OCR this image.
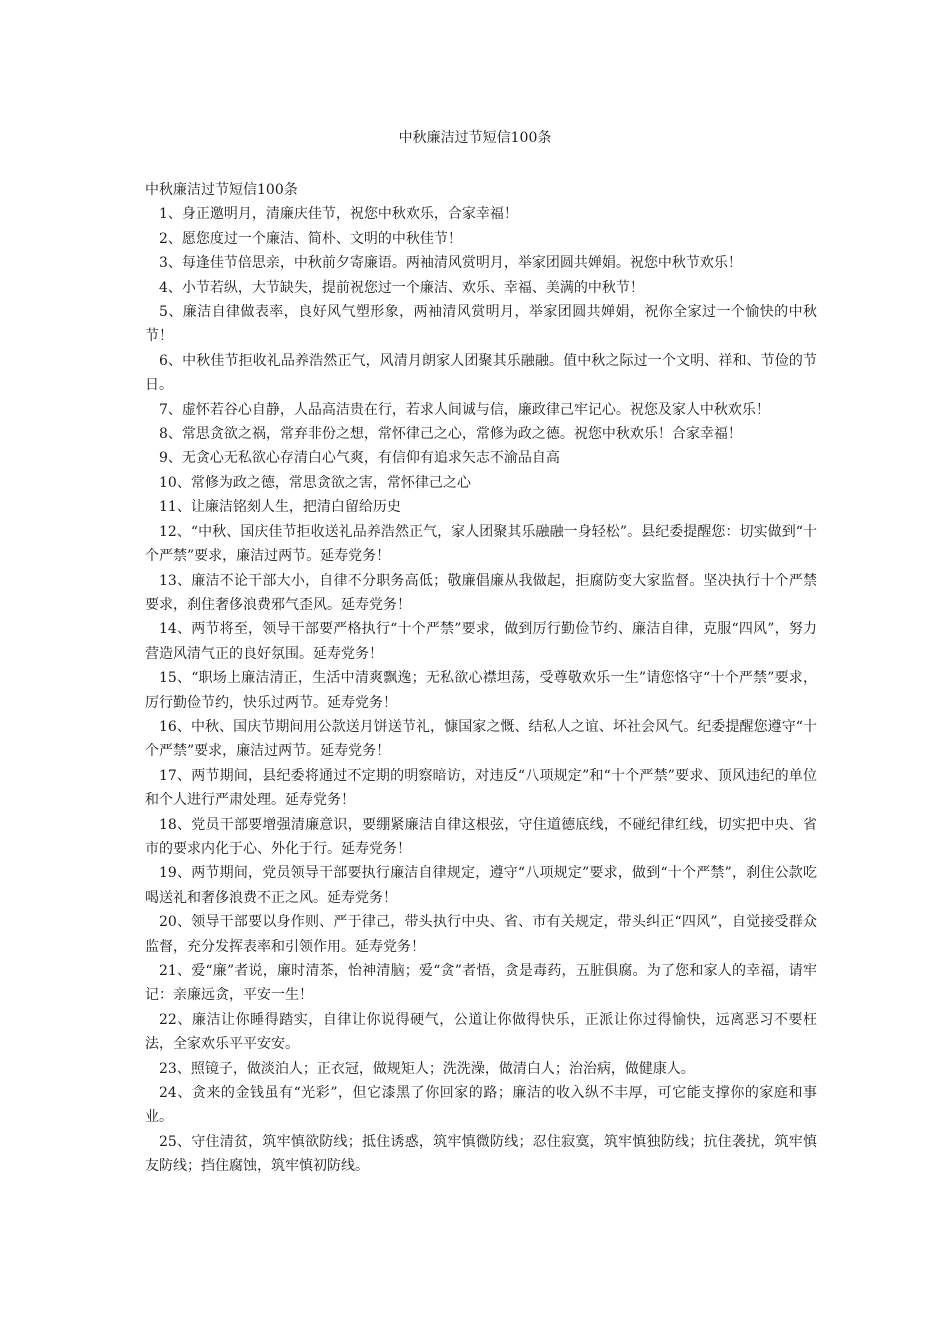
中秋廉洁过节短信100条

中秋廉洁过节短信100条

1、身正邀明月，清廉庆佳节，祝您中秋欢乐，合家幸福！
2、愿您度过一个廉洁、简朴、文明的中秋佳节！
3、每逢佳节倍思亲，中秋前夕寄廉语。两袖清风赏明月，举家团圆共婵娟。祝您中秋节欢乐！
4、小节若纵，大节缺失，提前祝您过一个廉洁、欢乐、幸福、美满的中秋节！
5、廉洁自律做表率，良好风气塑形象，两袖清风赏明月，举家团圆共婵娟，祝你全家过一个愉快的中秋节！
6、中秋佳节拒收礼品养浩然正气，风清月朗家人团聚其乐融融。值中秋之际过一个文明、祥和、节俭的节日。
7、虚怀若谷心自静，人品高洁贵在行，若求人间诚与信，廉政律己牢记心。祝您及家人中秋欢乐！
8、常思贪欲之祸，常弃非份之想，常怀律己之心，常修为政之德。祝您中秋欢乐！合家幸福！
9、无贪心无私欲心存清白心气爽，有信仰有追求矢志不渝品自高
10、常修为政之德，常思贪欲之害，常怀律己之心
11、让廉洁铭刻人生，把清白留给历史
12、“中秋、国庆佳节拒收送礼品养浩然正气，家人团聚其乐融融一身轻松”。县纪委提醒您：切实做到“十个严禁”要求，廉洁过两节。延寿党务！
13、廉洁不论干部大小，自律不分职务高低；敬廉倡廉从我做起，拒腐防变大家监督。坚决执行十个严禁要求，刹住奢侈浪费邪气歪风。延寿党务！
14、两节将至，领导干部要严格执行“十个严禁”要求，做到厉行勤俭节约、廉洁自律，克服“四风”，努力营造风清气正的良好氛围。延寿党务！
15、“职场上廉洁清正，生活中清爽飘逸；无私欲心襟坦荡，受尊敬欢乐一生”请您恪守“十个严禁”要求，厉行勤俭节约，快乐过两节。延寿党务！
16、中秋、国庆节期间用公款送月饼送节礼，慷国家之慨、结私人之谊、坏社会风气。纪委提醒您遵守“十个严禁”要求，廉洁过两节。延寿党务！
17、两节期间，县纪委将通过不定期的明察暗访，对违反“八项规定”和“十个严禁”要求、顶风违纪的单位和个人进行严肃处理。延寿党务！
18、党员干部要增强清廉意识，要绷紧廉洁自律这根弦，守住道德底线，不碰纪律红线，切实把中央、省市的要求内化于心、外化于行。延寿党务！
19、两节期间，党员领导干部要执行廉洁自律规定，遵守“八项规定”要求，做到“十个严禁”，刹住公款吃喝送礼和奢侈浪费不正之风。延寿党务！
20、领导干部要以身作则、严于律己，带头执行中央、省、市有关规定，带头纠正“四风”，自觉接受群众监督，充分发挥表率和引领作用。延寿党务！
21、爱“廉”者说，廉时清茶，怡神清脑；爱“贪”者悟，贪是毒药，五脏俱腐。为了您和家人的幸福，请牢记：亲廉远贪，平安一生！
22、廉洁让你睡得踏实，自律让你说得硬气，公道让你做得快乐，正派让你过得愉快，远离恶习不要枉法，全家欢乐平平安安。
23、照镜子，做淡泊人；正衣冠，做规矩人；洗洗澡，做清白人；治治病，做健康人。
24、贪来的金钱虽有“光彩”，但它漆黑了你回家的路；廉洁的收入纵不丰厚，可它能支撑你的家庭和事业。
25、守住清贫，筑牢慎欲防线；抵住诱惑，筑牢慎微防线；忍住寂寞，筑牢慎独防线；抗住袭扰，筑牢慎友防线；挡住腐蚀，筑牢慎初防线。
